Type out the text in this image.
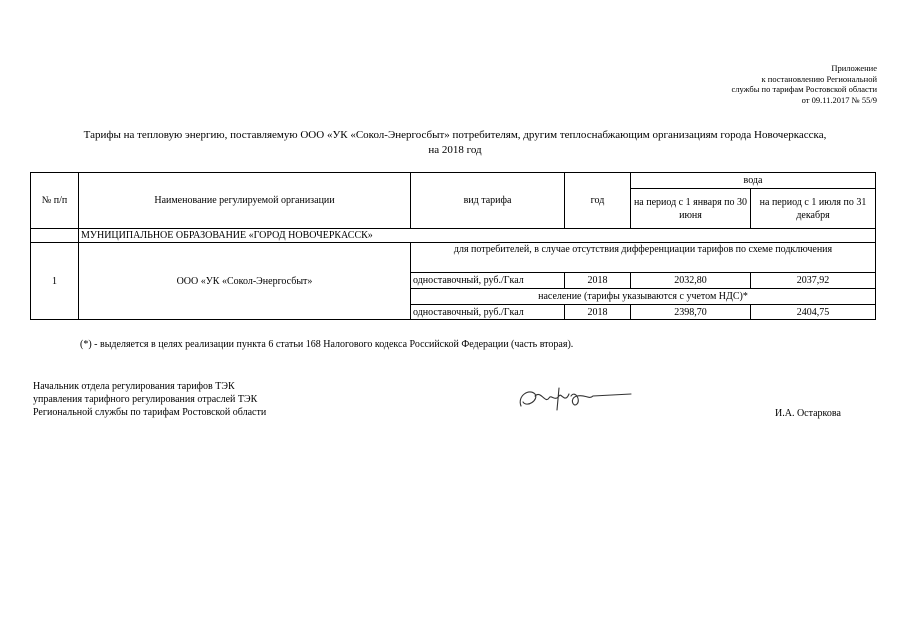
Приложение
к постановлению Региональной
службы по тарифам Ростовской области
от 09.11.2017 № 55/9
Тарифы на тепловую энергию, поставляемую ООО «УК «Сокол-Энергосбыт» потребителям, другим теплоснабжающим организациям города Новочеркасска,
на 2018 год
№ п/п	Наименование регулируемой организации	вид тарифа	год	вода	
				на период с 1 января по 30 июня	на период с 1 июля по 31 декабря
	МУНИЦИПАЛЬНОЕ ОБРАЗОВАНИЕ «ГОРОД НОВОЧЕРКАССК»				
1	ООО «УК «Сокол-Энергосбыт»	для потребителей, в случае отсутствия дифференциации тарифов по схеме подключения			
		одноставочный, руб./Гкал	2018	2032,80	2037,92
		население (тарифы указываются с учетом НДС)*			
		одноставочный, руб./Гкал	2018	2398,70	2404,75
(*) - выделяется в целях реализации пункта 6 статьи 168 Налогового кодекса Российской Федерации (часть вторая).
Начальник отдела регулирования тарифов ТЭК
управления тарифного регулирования отраслей ТЭК
Региональной службы по тарифам Ростовской области	И.А. Остаркова
